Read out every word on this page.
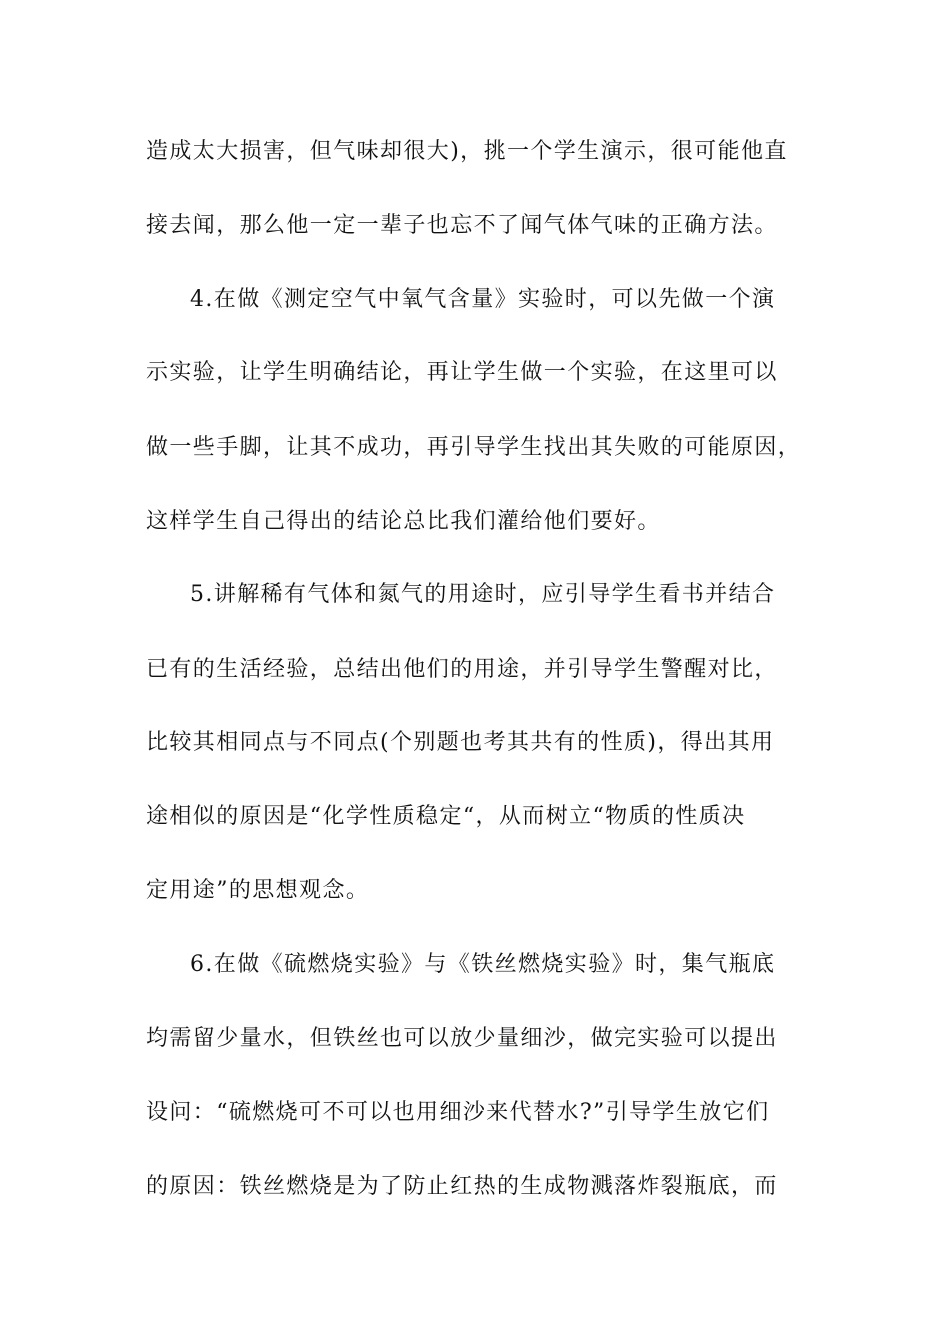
造成太大损害，但气味却很大)，挑一个学生演示，很可能他直
接去闻，那么他一定一辈子也忘不了闻气体气味的正确方法。
4.在做《测定空气中氧气含量》实验时，可以先做一个演
示实验，让学生明确结论，再让学生做一个实验，在这里可以
做一些手脚，让其不成功，再引导学生找出其失败的可能原因，
这样学生自己得出的结论总比我们灌给他们要好。
5.讲解稀有气体和氮气的用途时，应引导学生看书并结合
已有的生活经验，总结出他们的用途，并引导学生警醒对比，
比较其相同点与不同点(个别题也考其共有的性质)，得出其用
途相似的原因是“化学性质稳定“，从而树立“物质的性质决
定用途”的思想观念。
6.在做《硫燃烧实验》与《铁丝燃烧实验》时，集气瓶底
均需留少量水，但铁丝也可以放少量细沙，做完实验可以提出
设问：“硫燃烧可不可以也用细沙来代替水?”引导学生放它们
的原因：铁丝燃烧是为了防止红热的生成物溅落炸裂瓶底，而
